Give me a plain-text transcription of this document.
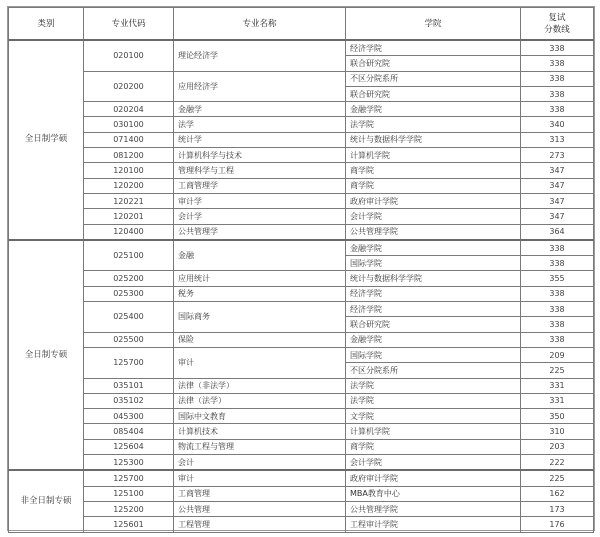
类别	专业代码	专业名称	学院	复试
分数线
全日制学硕	020100	理论经济学	经济学院	338
			联合研究院	338
	020200	应用经济学	不区分院系所	338
			联合研究院	338
	020204	金融学	金融学院	338
	030100	法学	法学院	340
	071400	统计学	统计与数据科学学院	313
	081200	计算机科学与技术	计算机学院	273
	120100	管理科学与工程	商学院	347
	120200	工商管理学	商学院	347
	120221	审计学	政府审计学院	347
	120201	会计学	会计学院	347
	120400	公共管理学	公共管理学院	364
全日制专硕	025100	金融	金融学院	338
			国际学院	338
	025200	应用统计	统计与数据科学学院	355
	025300	税务	经济学院	338
	025400	国际商务	经济学院	338
			联合研究院	338
	025500	保险	金融学院	338
	125700	审计	国际学院	209
			不区分院系所	225
	035101	法律（非法学）	法学院	331
	035102	法律（法学）	法学院	331
	045300	国际中文教育	文学院	350
	085404	计算机技术	计算机学院	310
	125604	物流工程与管理	商学院	203
	125300	会计	会计学院	222
非全日制专硕	125700	审计	政府审计学院	225
	125100	工商管理	MBA教育中心	162
	125200	公共管理	公共管理学院	173
	125601	工程管理	工程审计学院	176
